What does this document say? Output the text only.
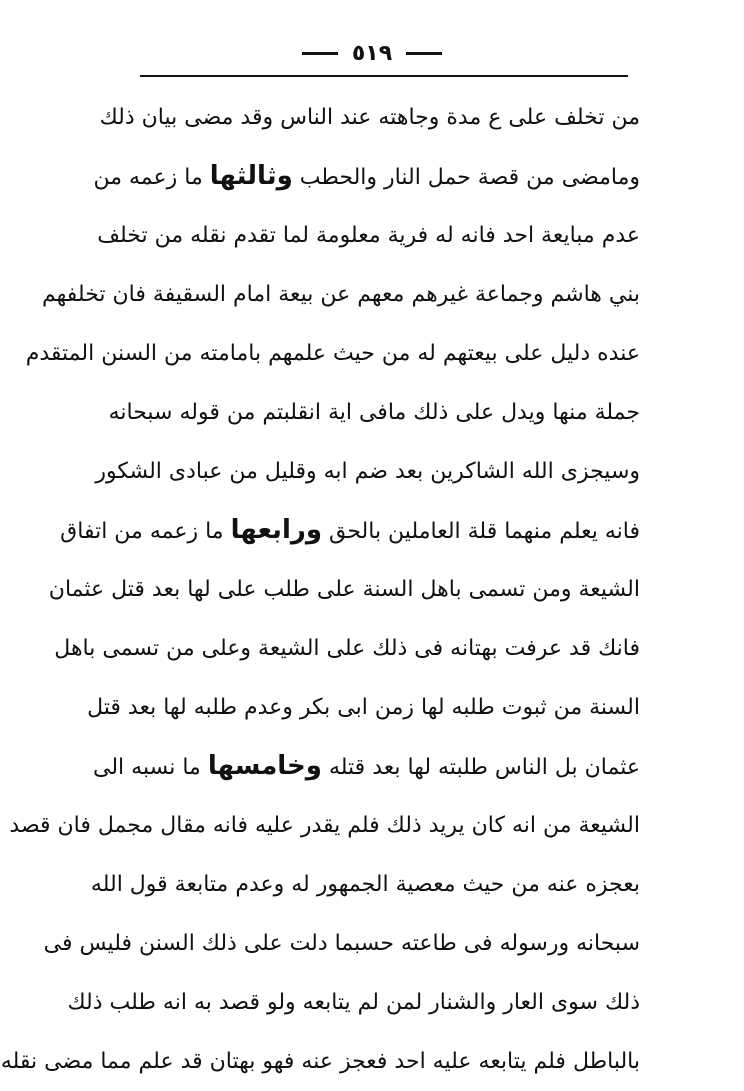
٥١٩
من تخلف على ع مدة وجاهته عند الناس وقد مضى بيان ذلك
ومامضى من قصة حمل النار والحطب وثالثها ما زعمه من
عدم مبايعة احد فانه له فرية معلومة لما تقدم نقله من تخلف
بني هاشم وجماعة غيرهم معهم عن بيعة امام السقيفة فان تخلفهم
عنده دليل على بيعتهم له من حيث علمهم بامامته من السنن المتقدم
جملة منها ويدل على ذلك مافى اية انقلبتم من قوله سبحانه
وسيجزى الله الشاكرين بعد ضم ابه وقليل من عبادى الشكور
فانه يعلم منهما قلة العاملين بالحق ورابعها ما زعمه من اتفاق
الشيعة ومن تسمى باهل السنة على طلب على لها بعد قتل عثمان
فانك قد عرفت بهتانه فى ذلك على الشيعة وعلى من تسمى باهل
السنة من ثبوت طلبه لها زمن ابى بكر وعدم طلبه لها بعد قتل
عثمان بل الناس طلبته لها بعد قتله وخامسها ما نسبه الى
الشيعة من انه كان يريد ذلك فلم يقدر عليه فانه مقال مجمل فان قصد
بعجزه عنه من حيث معصية الجمهور له وعدم متابعة قول الله
سبحانه ورسوله فى طاعته حسبما دلت على ذلك السنن فليس فى
ذلك سوى العار والشنار لمن لم يتابعه ولو قصد به انه طلب ذلك
بالباطل فلم يتابعه عليه احد فعجز عنه فهو بهتان قد علم مما مضى نقله
